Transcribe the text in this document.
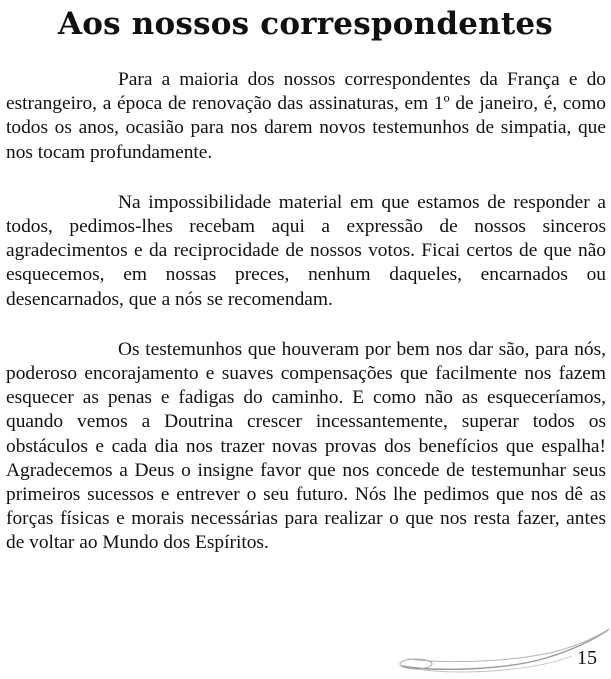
Aos nossos correspondentes

Para a maioria dos nossos correspondentes da França e do estrangeiro, a época de renovação das assinaturas, em 1º de janeiro, é, como todos os anos, ocasião para nos darem novos testemunhos de simpatia, que nos tocam profundamente.

Na impossibilidade material em que estamos de responder a todos, pedimos-lhes recebam aqui a expressão de nossos sinceros agradecimentos e da reciprocidade de nossos votos. Ficai certos de que não esquecemos, em nossas preces, nenhum daqueles, encarnados ou desencarnados, que a nós se recomendam.

Os testemunhos que houveram por bem nos dar são, para nós, poderoso encorajamento e suaves compensações que facilmente nos fazem esquecer as penas e fadigas do caminho. E como não as esqueceríamos, quando vemos a Doutrina crescer incessantemente, superar todos os obstáculos e cada dia nos trazer novas provas dos benefícios que espalha! Agradecemos a Deus o insigne favor que nos concede de testemunhar seus primeiros sucessos e entrever o seu futuro. Nós lhe pedimos que nos dê as forças físicas e morais necessárias para realizar o que nos resta fazer, antes de voltar ao Mundo dos Espíritos.

15
